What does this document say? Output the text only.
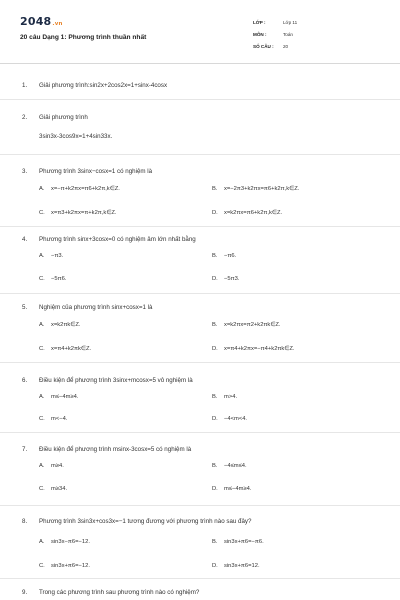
2048.vn
20 câu Dạng 1: Phương trình thuần nhất
LỚP :	Lớp 11
MÔN :	Toán
SỐ CÂU :	20
1.	Giải phương trình:sin2x+2cos2x=1+sinx-4cosx
2.	Giải phương trình
3sin3x-3cos9x=1+4sin33x.
3.	Phương trình 3sinx−cosx=1 có nghiệm là
A.	x=−π+k2πx=π6+k2π,k∈Z.	B.	x=−2π3+k2πx=π6+k2π,k∈Z.
C.	x=π3+k2πx=π+k2π,k∈Z.	D.	x=k2πx=π6+k2π,k∈Z.
4.	Phương trình sinx+3cosx=0 có nghiệm âm lớn nhất bằng
A.	−π3.	B.	−π6.
C.	−5π6.	D.	−5π3.
5.	Nghiệm của phương trình sinx+cosx=1 là
A.	x=k2πk∈Z.	B.	x=k2πx=π2+k2πk∈Z.
C.	x=π4+k2πk∈Z.	D.	x=π4+k2πx=−π4+k2πk∈Z.
6.	Điều kiện để phương trình 3sinx+mcosx=5 vô nghiệm là
A.	m≤−4m≥4.	B.	m>4.
C.	m<−4.	D.	−4<m<4.
7.	Điều kiện để phương trình msinx-3cosx=5 có nghiệm là
A.	m≥4.	B.	−4≤m≤4.
C.	m≥34.	D.	m≤−4m≥4.
8.	Phương trình 3sin3x+cos3x=−1 tương đương với phương trình nào sau đây?
A.	sin3x−π6=−12.	B.	sin3x+π6=−π6.
C.	sin3x+π6=−12.	D.	sin3x+π6=12.
9.	Trong các phương trình sau phương trình nào có nghiệm?
